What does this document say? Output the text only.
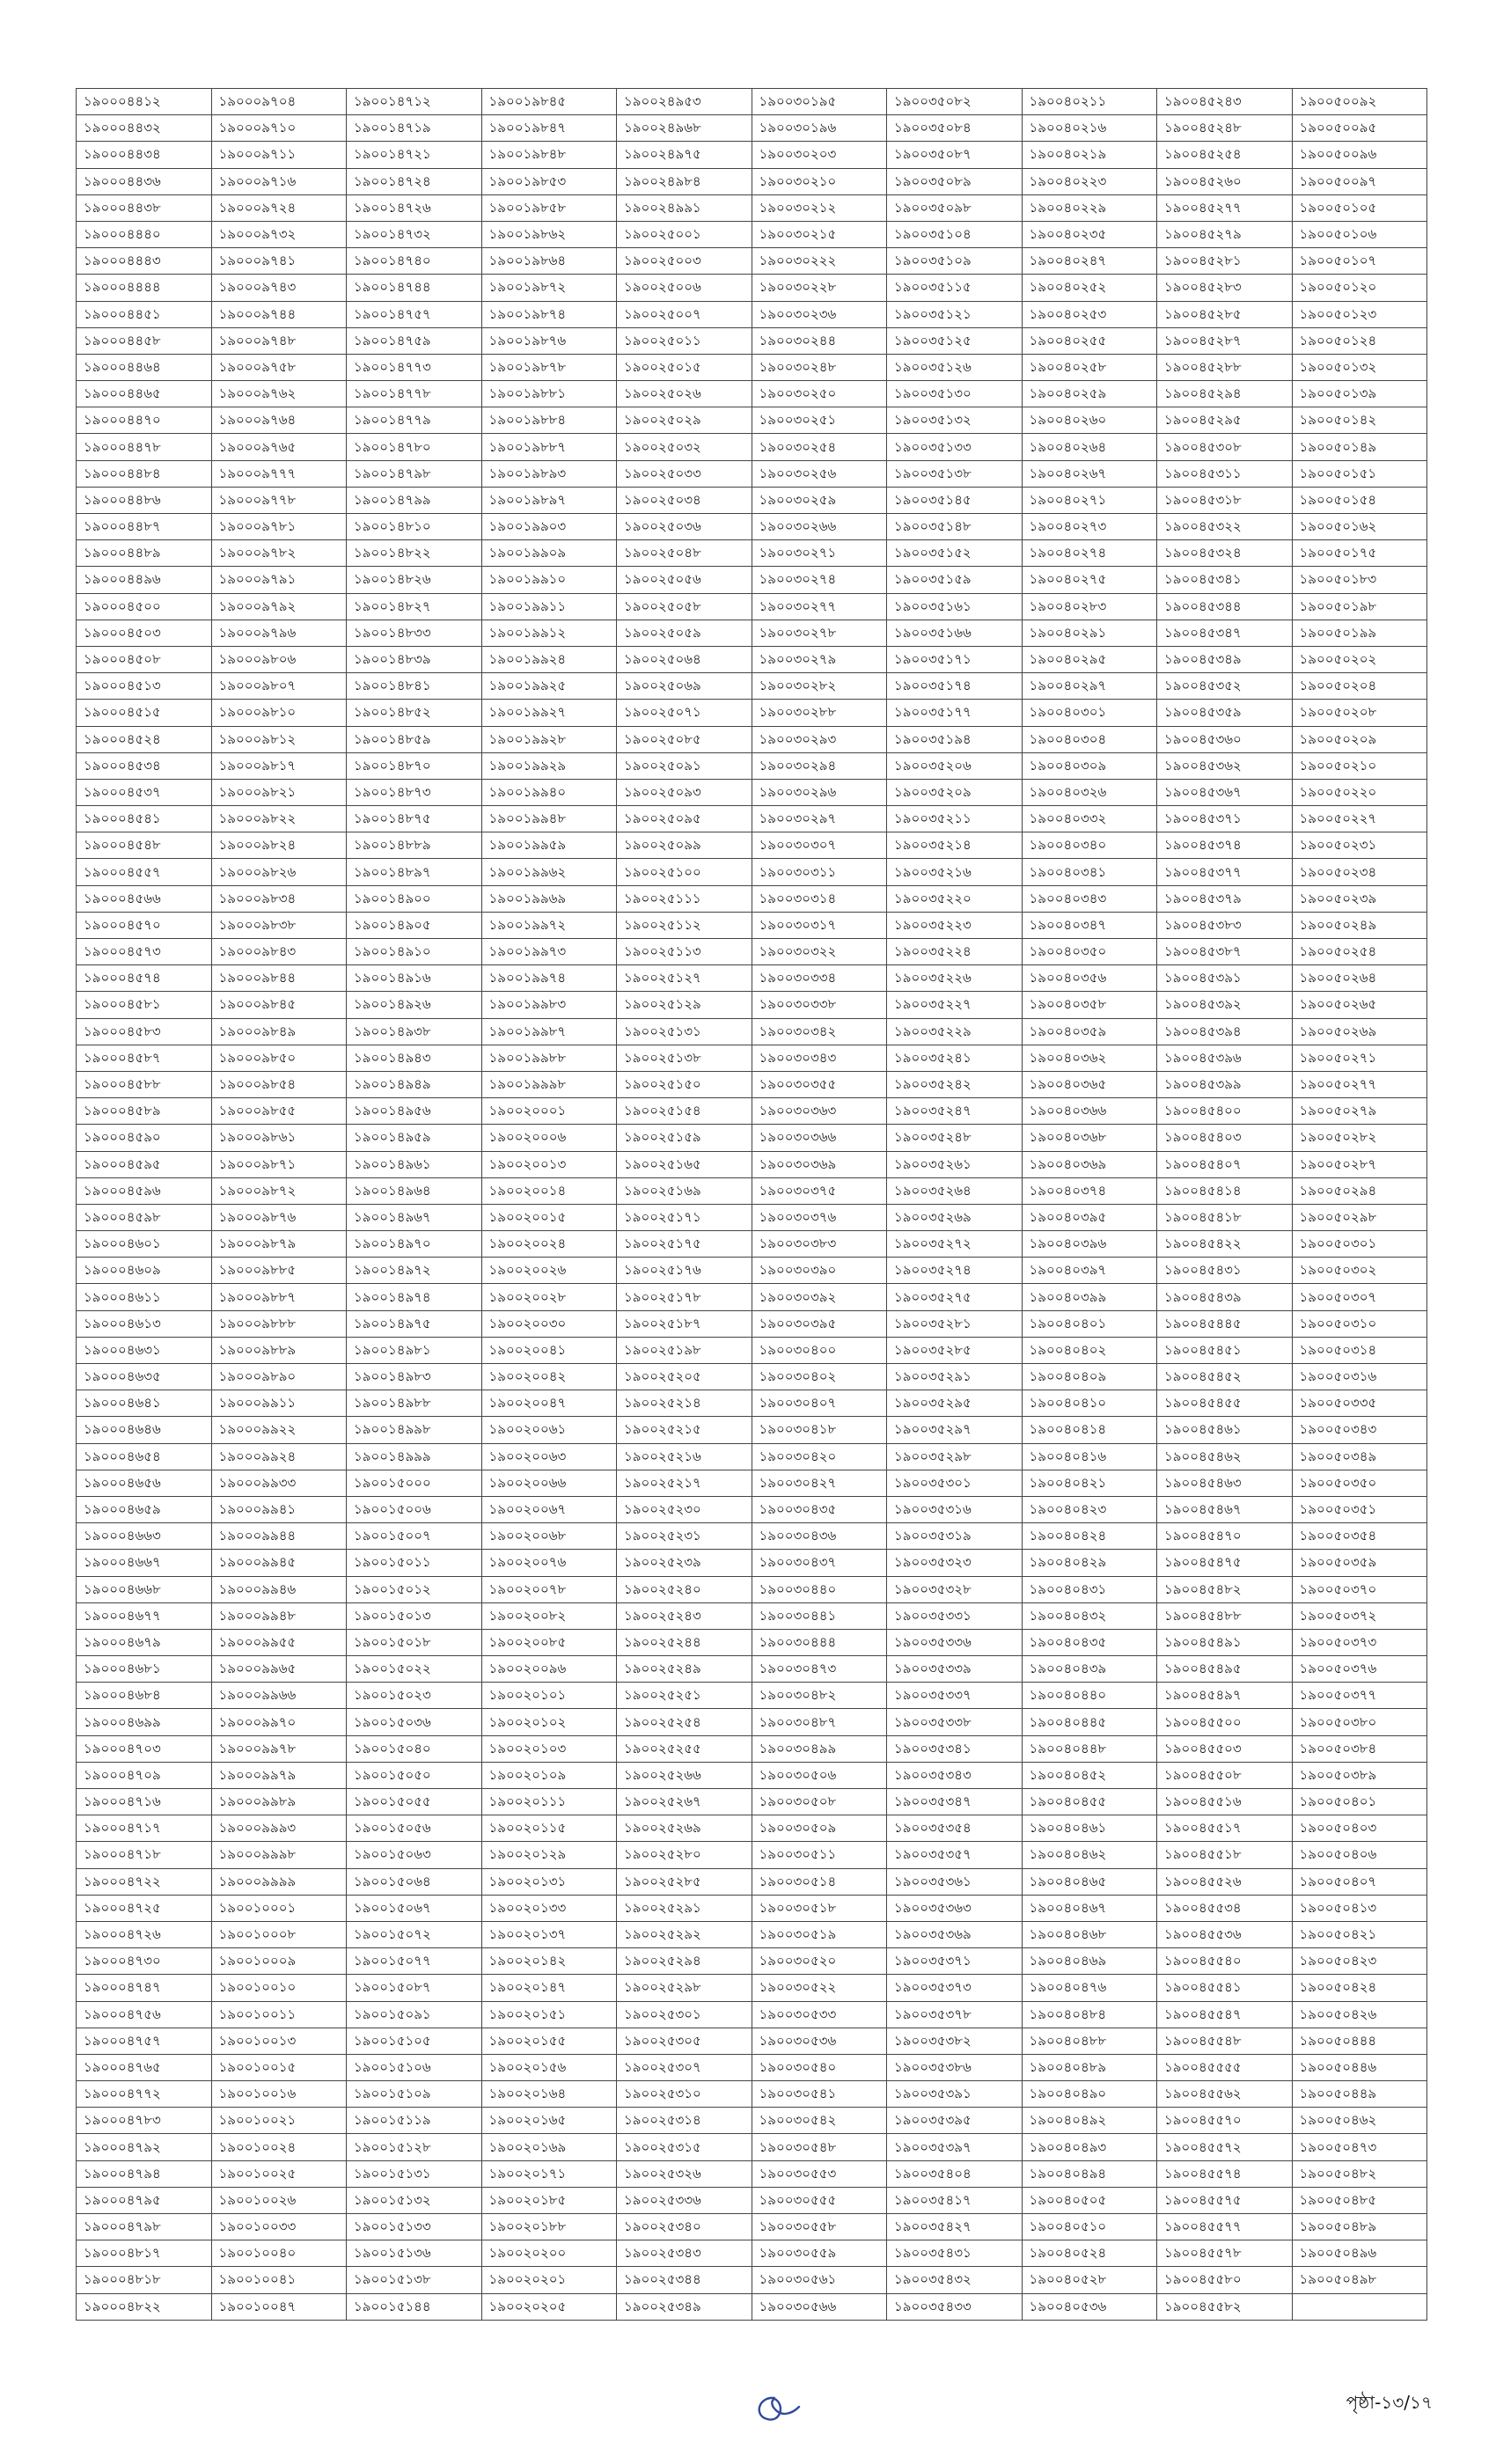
১৯০০০৪৪১২	১৯০০০৯৭০৪	১৯০০১৪৭১২	১৯০০১৯৮৪৫	১৯০০২৪৯৫৩	১৯০০৩০১৯৫	১৯০০৩৫০৮২	১৯০০৪০২১১	১৯০০৪৫২৪৩	১৯০০৫০০৯২
১৯০০০৪৪৩২	১৯০০০৯৭১০	১৯০০১৪৭১৯	১৯০০১৯৮৪৭	১৯০০২৪৯৬৮	১৯০০৩০১৯৬	১৯০০৩৫০৮৪	১৯০০৪০২১৬	১৯০০৪৫২৪৮	১৯০০৫০০৯৫
১৯০০০৪৪৩৪	১৯০০০৯৭১১	১৯০০১৪৭২১	১৯০০১৯৮৪৮	১৯০০২৪৯৭৫	১৯০০৩০২০৩	১৯০০৩৫০৮৭	১৯০০৪০২১৯	১৯০০৪৫২৫৪	১৯০০৫০০৯৬
১৯০০০৪৪৩৬	১৯০০০৯৭১৬	১৯০০১৪৭২৪	১৯০০১৯৮৫৩	১৯০০২৪৯৮৪	১৯০০৩০২১০	১৯০০৩৫০৮৯	১৯০০৪০২২৩	১৯০০৪৫২৬০	১৯০০৫০০৯৭
১৯০০০৪৪৩৮	১৯০০০৯৭২৪	১৯০০১৪৭২৬	১৯০০১৯৮৫৮	১৯০০২৪৯৯১	১৯০০৩০২১২	১৯০০৩৫০৯৮	১৯০০৪০২২৯	১৯০০৪৫২৭৭	১৯০০৫০১০৫
১৯০০০৪৪৪০	১৯০০০৯৭৩২	১৯০০১৪৭৩২	১৯০০১৯৮৬২	১৯০০২৫০০১	১৯০০৩০২১৫	১৯০০৩৫১০৪	১৯০০৪০২৩৫	১৯০০৪৫২৭৯	১৯০০৫০১০৬
১৯০০০৪৪৪৩	১৯০০০৯৭৪১	১৯০০১৪৭৪০	১৯০০১৯৮৬৪	১৯০০২৫০০৩	১৯০০৩০২২২	১৯০০৩৫১০৯	১৯০০৪০২৪৭	১৯০০৪৫২৮১	১৯০০৫০১০৭
১৯০০০৪৪৪৪	১৯০০০৯৭৪৩	১৯০০১৪৭৪৪	১৯০০১৯৮৭২	১৯০০২৫০০৬	১৯০০৩০২২৮	১৯০০৩৫১১৫	১৯০০৪০২৫২	১৯০০৪৫২৮৩	১৯০০৫০১২০
১৯০০০৪৪৫১	১৯০০০৯৭৪৪	১৯০০১৪৭৫৭	১৯০০১৯৮৭৪	১৯০০২৫০০৭	১৯০০৩০২৩৬	১৯০০৩৫১২১	১৯০০৪০২৫৩	১৯০০৪৫২৮৫	১৯০০৫০১২৩
১৯০০০৪৪৫৮	১৯০০০৯৭৪৮	১৯০০১৪৭৫৯	১৯০০১৯৮৭৬	১৯০০২৫০১১	১৯০০৩০২৪৪	১৯০০৩৫১২৫	১৯০০৪০২৫৫	১৯০০৪৫২৮৭	১৯০০৫০১২৪
১৯০০০৪৪৬৪	১৯০০০৯৭৫৮	১৯০০১৪৭৭৩	১৯০০১৯৮৭৮	১৯০০২৫০১৫	১৯০০৩০২৪৮	১৯০০৩৫১২৬	১৯০০৪০২৫৮	১৯০০৪৫২৮৮	১৯০০৫০১৩২
১৯০০০৪৪৬৫	১৯০০০৯৭৬২	১৯০০১৪৭৭৮	১৯০০১৯৮৮১	১৯০০২৫০২৬	১৯০০৩০২৫০	১৯০০৩৫১৩০	১৯০০৪০২৫৯	১৯০০৪৫২৯৪	১৯০০৫০১৩৯
১৯০০০৪৪৭০	১৯০০০৯৭৬৪	১৯০০১৪৭৭৯	১৯০০১৯৮৮৪	১৯০০২৫০২৯	১৯০০৩০২৫১	১৯০০৩৫১৩২	১৯০০৪০২৬০	১৯০০৪৫২৯৫	১৯০০৫০১৪২
১৯০০০৪৪৭৮	১৯০০০৯৭৬৫	১৯০০১৪৭৮০	১৯০০১৯৮৮৭	১৯০০২৫০৩২	১৯০০৩০২৫৪	১৯০০৩৫১৩৩	১৯০০৪০২৬৪	১৯০০৪৫৩০৮	১৯০০৫০১৪৯
১৯০০০৪৪৮৪	১৯০০০৯৭৭৭	১৯০০১৪৭৯৮	১৯০০১৯৮৯৩	১৯০০২৫০৩৩	১৯০০৩০২৫৬	১৯০০৩৫১৩৮	১৯০০৪০২৬৭	১৯০০৪৫৩১১	১৯০০৫০১৫১
১৯০০০৪৪৮৬	১৯০০০৯৭৭৮	১৯০০১৪৭৯৯	১৯০০১৯৮৯৭	১৯০০২৫০৩৪	১৯০০৩০২৫৯	১৯০০৩৫১৪৫	১৯০০৪০২৭১	১৯০০৪৫৩১৮	১৯০০৫০১৫৪
১৯০০০৪৪৮৭	১৯০০০৯৭৮১	১৯০০১৪৮১০	১৯০০১৯৯০৩	১৯০০২৫০৩৬	১৯০০৩০২৬৬	১৯০০৩৫১৪৮	১৯০০৪০২৭৩	১৯০০৪৫৩২২	১৯০০৫০১৬২
১৯০০০৪৪৮৯	১৯০০০৯৭৮২	১৯০০১৪৮২২	১৯০০১৯৯০৯	১৯০০২৫০৪৮	১৯০০৩০২৭১	১৯০০৩৫১৫২	১৯০০৪০২৭৪	১৯০০৪৫৩২৪	১৯০০৫০১৭৫
১৯০০০৪৪৯৬	১৯০০০৯৭৯১	১৯০০১৪৮২৬	১৯০০১৯৯১০	১৯০০২৫০৫৬	১৯০০৩০২৭৪	১৯০০৩৫১৫৯	১৯০০৪০২৭৫	১৯০০৪৫৩৪১	১৯০০৫০১৮৩
১৯০০০৪৫০০	১৯০০০৯৭৯২	১৯০০১৪৮২৭	১৯০০১৯৯১১	১৯০০২৫০৫৮	১৯০০৩০২৭৭	১৯০০৩৫১৬১	১৯০০৪০২৮৩	১৯০০৪৫৩৪৪	১৯০০৫০১৯৮
১৯০০০৪৫০৩	১৯০০০৯৭৯৬	১৯০০১৪৮৩৩	১৯০০১৯৯১২	১৯০০২৫০৫৯	১৯০০৩০২৭৮	১৯০০৩৫১৬৬	১৯০০৪০২৯১	১৯০০৪৫৩৪৭	১৯০০৫০১৯৯
১৯০০০৪৫০৮	১৯০০০৯৮০৬	১৯০০১৪৮৩৯	১৯০০১৯৯২৪	১৯০০২৫০৬৪	১৯০০৩০২৭৯	১৯০০৩৫১৭১	১৯০০৪০২৯৫	১৯০০৪৫৩৪৯	১৯০০৫০২০২
১৯০০০৪৫১৩	১৯০০০৯৮০৭	১৯০০১৪৮৪১	১৯০০১৯৯২৫	১৯০০২৫০৬৯	১৯০০৩০২৮২	১৯০০৩৫১৭৪	১৯০০৪০২৯৭	১৯০০৪৫৩৫২	১৯০০৫০২০৪
১৯০০০৪৫১৫	১৯০০০৯৮১০	১৯০০১৪৮৫২	১৯০০১৯৯২৭	১৯০০২৫০৭১	১৯০০৩০২৮৮	১৯০০৩৫১৭৭	১৯০০৪০৩০১	১৯০০৪৫৩৫৯	১৯০০৫০২০৮
১৯০০০৪৫২৪	১৯০০০৯৮১২	১৯০০১৪৮৫৯	১৯০০১৯৯২৮	১৯০০২৫০৮৫	১৯০০৩০২৯৩	১৯০০৩৫১৯৪	১৯০০৪০৩০৪	১৯০০৪৫৩৬০	১৯০০৫০২০৯
১৯০০০৪৫৩৪	১৯০০০৯৮১৭	১৯০০১৪৮৭০	১৯০০১৯৯২৯	১৯০০২৫০৯১	১৯০০৩০২৯৪	১৯০০৩৫২০৬	১৯০০৪০৩০৯	১৯০০৪৫৩৬২	১৯০০৫০২১০
১৯০০০৪৫৩৭	১৯০০০৯৮২১	১৯০০১৪৮৭৩	১৯০০১৯৯৪০	১৯০০২৫০৯৩	১৯০০৩০২৯৬	১৯০০৩৫২০৯	১৯০০৪০৩২৬	১৯০০৪৫৩৬৭	১৯০০৫০২২০
১৯০০০৪৫৪১	১৯০০০৯৮২২	১৯০০১৪৮৭৫	১৯০০১৯৯৪৮	১৯০০২৫০৯৫	১৯০০৩০২৯৭	১৯০০৩৫২১১	১৯০০৪০৩৩২	১৯০০৪৫৩৭১	১৯০০৫০২২৭
১৯০০০৪৫৪৮	১৯০০০৯৮২৪	১৯০০১৪৮৮৯	১৯০০১৯৯৫৯	১৯০০২৫০৯৯	১৯০০৩০৩০৭	১৯০০৩৫২১৪	১৯০০৪০৩৪০	১৯০০৪৫৩৭৪	১৯০০৫০২৩১
১৯০০০৪৫৫৭	১৯০০০৯৮২৬	১৯০০১৪৮৯৭	১৯০০১৯৯৬২	১৯০০২৫১০০	১৯০০৩০৩১১	১৯০০৩৫২১৬	১৯০০৪০৩৪১	১৯০০৪৫৩৭৭	১৯০০৫০২৩৪
১৯০০০৪৫৬৬	১৯০০০৯৮৩৪	১৯০০১৪৯০০	১৯০০১৯৯৬৯	১৯০০২৫১১১	১৯০০৩০৩১৪	১৯০০৩৫২২০	১৯০০৪০৩৪৩	১৯০০৪৫৩৭৯	১৯০০৫০২৩৯
১৯০০০৪৫৭০	১৯০০০৯৮৩৮	১৯০০১৪৯০৫	১৯০০১৯৯৭২	১৯০০২৫১১২	১৯০০৩০৩১৭	১৯০০৩৫২২৩	১৯০০৪০৩৪৭	১৯০০৪৫৩৮৩	১৯০০৫০২৪৯
১৯০০০৪৫৭৩	১৯০০০৯৮৪৩	১৯০০১৪৯১০	১৯০০১৯৯৭৩	১৯০০২৫১১৩	১৯০০৩০৩২২	১৯০০৩৫২২৪	১৯০০৪০৩৫০	১৯০০৪৫৩৮৭	১৯০০৫০২৫৪
১৯০০০৪৫৭৪	১৯০০০৯৮৪৪	১৯০০১৪৯১৬	১৯০০১৯৯৭৪	১৯০০২৫১২৭	১৯০০৩০৩৩৪	১৯০০৩৫২২৬	১৯০০৪০৩৫৬	১৯০০৪৫৩৯১	১৯০০৫০২৬৪
১৯০০০৪৫৮১	১৯০০০৯৮৪৫	১৯০০১৪৯২৬	১৯০০১৯৯৮৩	১৯০০২৫১২৯	১৯০০৩০৩৩৮	১৯০০৩৫২২৭	১৯০০৪০৩৫৮	১৯০০৪৫৩৯২	১৯০০৫০২৬৫
১৯০০০৪৫৮৩	১৯০০০৯৮৪৯	১৯০০১৪৯৩৮	১৯০০১৯৯৮৭	১৯০০২৫১৩১	১৯০০৩০৩৪২	১৯০০৩৫২২৯	১৯০০৪০৩৫৯	১৯০০৪৫৩৯৪	১৯০০৫০২৬৯
১৯০০০৪৫৮৭	১৯০০০৯৮৫০	১৯০০১৪৯৪৩	১৯০০১৯৯৮৮	১৯০০২৫১৩৮	১৯০০৩০৩৪৩	১৯০০৩৫২৪১	১৯০০৪০৩৬২	১৯০০৪৫৩৯৬	১৯০০৫০২৭১
১৯০০০৪৫৮৮	১৯০০০৯৮৫৪	১৯০০১৪৯৪৯	১৯০০১৯৯৯৮	১৯০০২৫১৫০	১৯০০৩০৩৫৫	১৯০০৩৫২৪২	১৯০০৪০৩৬৫	১৯০০৪৫৩৯৯	১৯০০৫০২৭৭
১৯০০০৪৫৮৯	১৯০০০৯৮৫৫	১৯০০১৪৯৫৬	১৯০০২০০০১	১৯০০২৫১৫৪	১৯০০৩০৩৬৩	১৯০০৩৫২৪৭	১৯০০৪০৩৬৬	১৯০০৪৫৪০০	১৯০০৫০২৭৯
১৯০০০৪৫৯০	১৯০০০৯৮৬১	১৯০০১৪৯৫৯	১৯০০২০০০৬	১৯০০২৫১৫৯	১৯০০৩০৩৬৬	১৯০০৩৫২৪৮	১৯০০৪০৩৬৮	১৯০০৪৫৪০৩	১৯০০৫০২৮২
১৯০০০৪৫৯৫	১৯০০০৯৮৭১	১৯০০১৪৯৬১	১৯০০২০০১৩	১৯০০২৫১৬৫	১৯০০৩০৩৬৯	১৯০০৩৫২৬১	১৯০০৪০৩৬৯	১৯০০৪৫৪০৭	১৯০০৫০২৮৭
১৯০০০৪৫৯৬	১৯০০০৯৮৭২	১৯০০১৪৯৬৪	১৯০০২০০১৪	১৯০০২৫১৬৯	১৯০০৩০৩৭৫	১৯০০৩৫২৬৪	১৯০০৪০৩৭৪	১৯০০৪৫৪১৪	১৯০০৫০২৯৪
১৯০০০৪৫৯৮	১৯০০০৯৮৭৬	১৯০০১৪৯৬৭	১৯০০২০০১৫	১৯০০২৫১৭১	১৯০০৩০৩৭৬	১৯০০৩৫২৬৯	১৯০০৪০৩৯৫	১৯০০৪৫৪১৮	১৯০০৫০২৯৮
১৯০০০৪৬০১	১৯০০০৯৮৭৯	১৯০০১৪৯৭০	১৯০০২০০২৪	১৯০০২৫১৭৫	১৯০০৩০৩৮৩	১৯০০৩৫২৭২	১৯০০৪০৩৯৬	১৯০০৪৫৪২২	১৯০০৫০৩০১
১৯০০০৪৬০৯	১৯০০০৯৮৮৫	১৯০০১৪৯৭২	১৯০০২০০২৬	১৯০০২৫১৭৬	১৯০০৩০৩৯০	১৯০০৩৫২৭৪	১৯০০৪০৩৯৭	১৯০০৪৫৪৩১	১৯০০৫০৩০২
১৯০০০৪৬১১	১৯০০০৯৮৮৭	১৯০০১৪৯৭৪	১৯০০২০০২৮	১৯০০২৫১৭৮	১৯০০৩০৩৯২	১৯০০৩৫২৭৫	১৯০০৪০৩৯৯	১৯০০৪৫৪৩৯	১৯০০৫০৩০৭
১৯০০০৪৬১৩	১৯০০০৯৮৮৮	১৯০০১৪৯৭৫	১৯০০২০০৩০	১৯০০২৫১৮৭	১৯০০৩০৩৯৫	১৯০০৩৫২৮১	১৯০০৪০৪০১	১৯০০৪৫৪৪৫	১৯০০৫০৩১০
১৯০০০৪৬৩১	১৯০০০৯৮৮৯	১৯০০১৪৯৮১	১৯০০২০০৪১	১৯০০২৫১৯৮	১৯০০৩০৪০০	১৯০০৩৫২৮৫	১৯০০৪০৪০২	১৯০০৪৫৪৫১	১৯০০৫০৩১৪
১৯০০০৪৬৩৫	১৯০০০৯৮৯০	১৯০০১৪৯৮৩	১৯০০২০০৪২	১৯০০২৫২০৫	১৯০০৩০৪০২	১৯০০৩৫২৯১	১৯০০৪০৪০৯	১৯০০৪৫৪৫২	১৯০০৫০৩১৬
১৯০০০৪৬৪১	১৯০০০৯৯১১	১৯০০১৪৯৮৮	১৯০০২০০৪৭	১৯০০২৫২১৪	১৯০০৩০৪০৭	১৯০০৩৫২৯৫	১৯০০৪০৪১০	১৯০০৪৫৪৫৫	১৯০০৫০৩৩৫
১৯০০০৪৬৪৬	১৯০০০৯৯২২	১৯০০১৪৯৯৮	১৯০০২০০৬১	১৯০০২৫২১৫	১৯০০৩০৪১৮	১৯০০৩৫২৯৭	১৯০০৪০৪১৪	১৯০০৪৫৪৬১	১৯০০৫০৩৪৩
১৯০০০৪৬৫৪	১৯০০০৯৯২৪	১৯০০১৪৯৯৯	১৯০০২০০৬৩	১৯০০২৫২১৬	১৯০০৩০৪২০	১৯০০৩৫২৯৮	১৯০০৪০৪১৬	১৯০০৪৫৪৬২	১৯০০৫০৩৪৯
১৯০০০৪৬৫৬	১৯০০০৯৯৩৩	১৯০০১৫০০০	১৯০০২০০৬৬	১৯০০২৫২১৭	১৯০০৩০৪২৭	১৯০০৩৫৩০১	১৯০০৪০৪২১	১৯০০৪৫৪৬৩	১৯০০৫০৩৫০
১৯০০০৪৬৫৯	১৯০০০৯৯৪১	১৯০০১৫০০৬	১৯০০২০০৬৭	১৯০০২৫২৩০	১৯০০৩০৪৩৫	১৯০০৩৫৩১৬	১৯০০৪০৪২৩	১৯০০৪৫৪৬৭	১৯০০৫০৩৫১
১৯০০০৪৬৬৩	১৯০০০৯৯৪৪	১৯০০১৫০০৭	১৯০০২০০৬৮	১৯০০২৫২৩১	১৯০০৩০৪৩৬	১৯০০৩৫৩১৯	১৯০০৪০৪২৪	১৯০০৪৫৪৭০	১৯০০৫০৩৫৪
১৯০০০৪৬৬৭	১৯০০০৯৯৪৫	১৯০০১৫০১১	১৯০০২০০৭৬	১৯০০২৫২৩৯	১৯০০৩০৪৩৭	১৯০০৩৫৩২৩	১৯০০৪০৪২৯	১৯০০৪৫৪৭৫	১৯০০৫০৩৫৯
১৯০০০৪৬৬৮	১৯০০০৯৯৪৬	১৯০০১৫০১২	১৯০০২০০৭৮	১৯০০২৫২৪০	১৯০০৩০৪৪০	১৯০০৩৫৩২৮	১৯০০৪০৪৩১	১৯০০৪৫৪৮২	১৯০০৫০৩৭০
১৯০০০৪৬৭৭	১৯০০০৯৯৪৮	১৯০০১৫০১৩	১৯০০২০০৮২	১৯০০২৫২৪৩	১৯০০৩০৪৪১	১৯০০৩৫৩৩১	১৯০০৪০৪৩২	১৯০০৪৫৪৮৮	১৯০০৫০৩৭২
১৯০০০৪৬৭৯	১৯০০০৯৯৫৫	১৯০০১৫০১৮	১৯০০২০০৮৫	১৯০০২৫২৪৪	১৯০০৩০৪৪৪	১৯০০৩৫৩৩৬	১৯০০৪০৪৩৫	১৯০০৪৫৪৯১	১৯০০৫০৩৭৩
১৯০০০৪৬৮১	১৯০০০৯৯৬৫	১৯০০১৫০২২	১৯০০২০০৯৬	১৯০০২৫২৪৯	১৯০০৩০৪৭৩	১৯০০৩৫৩৩৯	১৯০০৪০৪৩৯	১৯০০৪৫৪৯৫	১৯০০৫০৩৭৬
১৯০০০৪৬৮৪	১৯০০০৯৯৬৬	১৯০০১৫০২৩	১৯০০২০১০১	১৯০০২৫২৫১	১৯০০৩০৪৮২	১৯০০৩৫৩৩৭	১৯০০৪০৪৪০	১৯০০৪৫৪৯৭	১৯০০৫০৩৭৭
১৯০০০৪৬৯৯	১৯০০০৯৯৭০	১৯০০১৫০৩৬	১৯০০২০১০২	১৯০০২৫২৫৪	১৯০০৩০৪৮৭	১৯০০৩৫৩৩৮	১৯০০৪০৪৪৫	১৯০০৪৫৫০০	১৯০০৫০৩৮০
১৯০০০৪৭০৩	১৯০০০৯৯৭৮	১৯০০১৫০৪০	১৯০০২০১০৩	১৯০০২৫২৫৫	১৯০০৩০৪৯৯	১৯০০৩৫৩৪১	১৯০০৪০৪৪৮	১৯০০৪৫৫০৩	১৯০০৫০৩৮৪
১৯০০০৪৭০৯	১৯০০০৯৯৭৯	১৯০০১৫০৫০	১৯০০২০১০৯	১৯০০২৫২৬৬	১৯০০৩০৫০৬	১৯০০৩৫৩৪৩	১৯০০৪০৪৫২	১৯০০৪৫৫০৮	১৯০০৫০৩৮৯
১৯০০০৪৭১৬	১৯০০০৯৯৮৯	১৯০০১৫০৫৫	১৯০০২০১১১	১৯০০২৫২৬৭	১৯০০৩০৫০৮	১৯০০৩৫৩৪৭	১৯০০৪০৪৫৫	১৯০০৪৫৫১৬	১৯০০৫০৪০১
১৯০০০৪৭১৭	১৯০০০৯৯৯৩	১৯০০১৫০৫৬	১৯০০২০১১৫	১৯০০২৫২৬৯	১৯০০৩০৫০৯	১৯০০৩৫৩৫৪	১৯০০৪০৪৬১	১৯০০৪৫৫১৭	১৯০০৫০৪০৩
১৯০০০৪৭১৮	১৯০০০৯৯৯৮	১৯০০১৫০৬৩	১৯০০২০১২৯	১৯০০২৫২৮০	১৯০০৩০৫১১	১৯০০৩৫৩৫৭	১৯০০৪০৪৬২	১৯০০৪৫৫১৮	১৯০০৫০৪০৬
১৯০০০৪৭২২	১৯০০০৯৯৯৯	১৯০০১৫০৬৪	১৯০০২০১৩১	১৯০০২৫২৮৫	১৯০০৩০৫১৪	১৯০০৩৫৩৬১	১৯০০৪০৪৬৫	১৯০০৪৫৫২৬	১৯০০৫০৪০৭
১৯০০০৪৭২৫	১৯০০১০০০১	১৯০০১৫০৬৭	১৯০০২০১৩৩	১৯০০২৫২৯১	১৯০০৩০৫১৮	১৯০০৩৫৩৬৩	১৯০০৪০৪৬৭	১৯০০৪৫৫৩৪	১৯০০৫০৪১৩
১৯০০০৪৭২৬	১৯০০১০০০৮	১৯০০১৫০৭২	১৯০০২০১৩৭	১৯০০২৫২৯২	১৯০০৩০৫১৯	১৯০০৩৫৩৬৯	১৯০০৪০৪৬৮	১৯০০৪৫৫৩৬	১৯০০৫০৪২১
১৯০০০৪৭৩০	১৯০০১০০০৯	১৯০০১৫০৭৭	১৯০০২০১৪২	১৯০০২৫২৯৪	১৯০০৩০৫২০	১৯০০৩৫৩৭১	১৯০০৪০৪৬৯	১৯০০৪৫৫৪০	১৯০০৫০৪২৩
১৯০০০৪৭৪৭	১৯০০১০০১০	১৯০০১৫০৮৭	১৯০০২০১৪৭	১৯০০২৫২৯৮	১৯০০৩০৫২২	১৯০০৩৫৩৭৩	১৯০০৪০৪৭৬	১৯০০৪৫৫৪১	১৯০০৫০৪২৪
১৯০০০৪৭৫৬	১৯০০১০০১১	১৯০০১৫০৯১	১৯০০২০১৫১	১৯০০২৫৩০১	১৯০০৩০৫৩৩	১৯০০৩৫৩৭৮	১৯০০৪০৪৮৪	১৯০০৪৫৫৪৭	১৯০০৫০৪২৬
১৯০০০৪৭৫৭	১৯০০১০০১৩	১৯০০১৫১০৫	১৯০০২০১৫৫	১৯০০২৫৩০৫	১৯০০৩০৫৩৬	১৯০০৩৫৩৮২	১৯০০৪০৪৮৮	১৯০০৪৫৫৪৮	১৯০০৫০৪৪৪
১৯০০০৪৭৬৫	১৯০০১০০১৫	১৯০০১৫১০৬	১৯০০২০১৫৬	১৯০০২৫৩০৭	১৯০০৩০৫৪০	১৯০০৩৫৩৮৬	১৯০০৪০৪৮৯	১৯০০৪৫৫৫৫	১৯০০৫০৪৪৬
১৯০০০৪৭৭২	১৯০০১০০১৬	১৯০০১৫১০৯	১৯০০২০১৬৪	১৯০০২৫৩১০	১৯০০৩০৫৪১	১৯০০৩৫৩৯১	১৯০০৪০৪৯০	১৯০০৪৫৫৬২	১৯০০৫০৪৪৯
১৯০০০৪৭৮৩	১৯০০১০০২১	১৯০০১৫১১৯	১৯০০২০১৬৫	১৯০০২৫৩১৪	১৯০০৩০৫৪২	১৯০০৩৫৩৯৫	১৯০০৪০৪৯২	১৯০০৪৫৫৭০	১৯০০৫০৪৬২
১৯০০০৪৭৯২	১৯০০১০০২৪	১৯০০১৫১২৮	১৯০০২০১৬৯	১৯০০২৫৩১৫	১৯০০৩০৫৪৮	১৯০০৩৫৩৯৭	১৯০০৪০৪৯৩	১৯০০৪৫৫৭২	১৯০০৫০৪৭৩
১৯০০০৪৭৯৪	১৯০০১০০২৫	১৯০০১৫১৩১	১৯০০২০১৭১	১৯০০২৫৩২৬	১৯০০৩০৫৫৩	১৯০০৩৫৪০৪	১৯০০৪০৪৯৪	১৯০০৪৫৫৭৪	১৯০০৫০৪৮২
১৯০০০৪৭৯৫	১৯০০১০০২৬	১৯০০১৫১৩২	১৯০০২০১৮৫	১৯০০২৫৩৩৬	১৯০০৩০৫৫৫	১৯০০৩৫৪১৭	১৯০০৪০৫০৫	১৯০০৪৫৫৭৫	১৯০০৫০৪৮৫
১৯০০০৪৭৯৮	১৯০০১০০৩৩	১৯০০১৫১৩৩	১৯০০২০১৮৮	১৯০০২৫৩৪০	১৯০০৩০৫৫৮	১৯০০৩৫৪২৭	১৯০০৪০৫১০	১৯০০৪৫৫৭৭	১৯০০৫০৪৮৯
১৯০০০৪৮১৭	১৯০০১০০৪০	১৯০০১৫১৩৬	১৯০০২০২০০	১৯০০২৫৩৪৩	১৯০০৩০৫৫৯	১৯০০৩৫৪৩১	১৯০০৪০৫২৪	১৯০০৪৫৫৭৮	১৯০০৫০৪৯৬
১৯০০০৪৮১৮	১৯০০১০০৪১	১৯০০১৫১৩৮	১৯০০২০২০১	১৯০০২৫৩৪৪	১৯০০৩০৫৬১	১৯০০৩৫৪৩২	১৯০০৪০৫২৮	১৯০০৪৫৫৮০	১৯০০৫০৪৯৮
১৯০০০৪৮২২	১৯০০১০০৪৭	১৯০০১৫১৪৪	১৯০০২০২০৫	১৯০০২৫৩৪৯	১৯০০৩০৫৬৬	১৯০০৩৫৪৩৩	১৯০০৪০৫৩৬	১৯০০৪৫৫৮২	
পৃষ্ঠা-১৩/১৭
